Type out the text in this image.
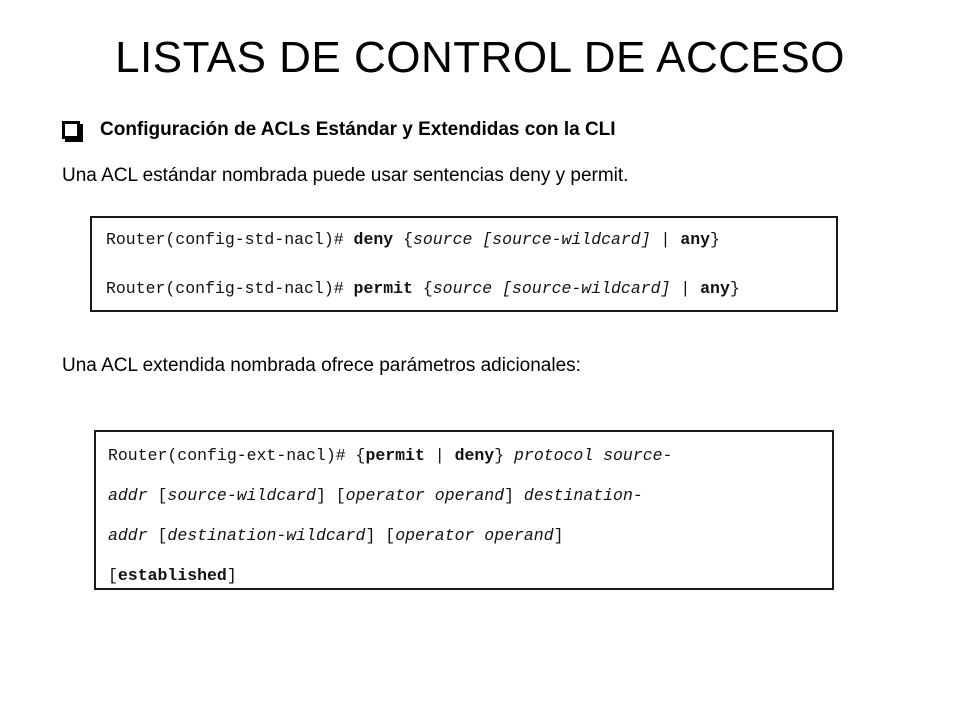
LISTAS DE CONTROL DE ACCESO
Configuración de ACLs Estándar y Extendidas con la CLI
Una ACL estándar nombrada puede usar sentencias deny y permit.
Router(config-std-nacl)# deny {source [source-wildcard] | any}
Router(config-std-nacl)# permit {source [source-wildcard] | any}
Una ACL extendida nombrada ofrece parámetros adicionales:
Router(config-ext-nacl)# {permit | deny} protocol source-
addr [source-wildcard] [operator operand] destination-
addr [destination-wildcard] [operator operand]
[established]
